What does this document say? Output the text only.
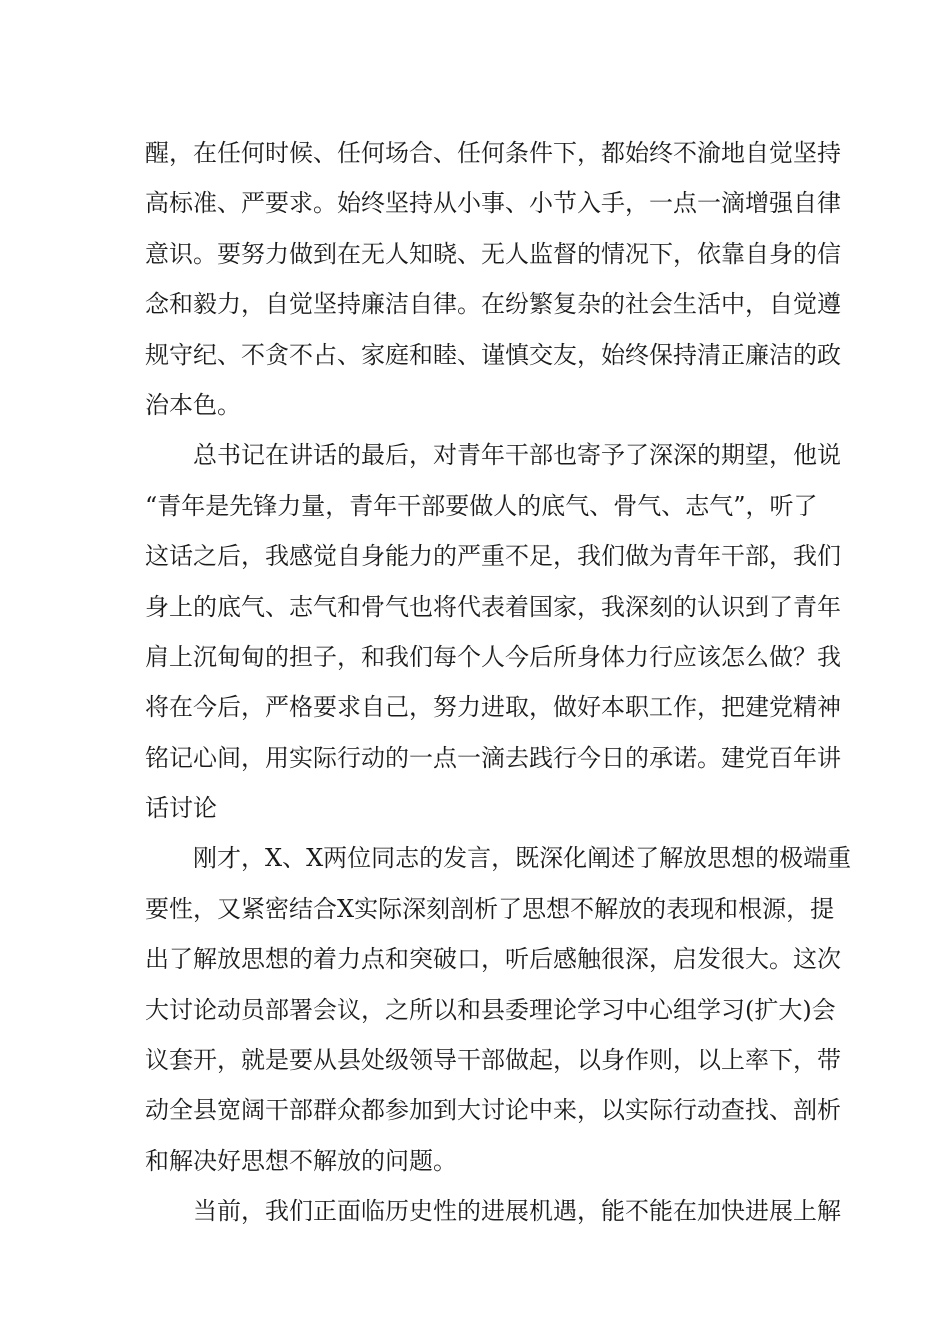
醒，在任何时候、任何场合、任何条件下，都始终不渝地自觉坚持
高标准、严要求。始终坚持从小事、小节入手，一点一滴增强自律
意识。要努力做到在无人知晓、无人监督的情况下，依靠自身的信
念和毅力，自觉坚持廉洁自律。在纷繁复杂的社会生活中，自觉遵
规守纪、不贪不占、家庭和睦、谨慎交友，始终保持清正廉洁的政
治本色。
总书记在讲话的最后，对青年干部也寄予了深深的期望，他说
“青年是先锋力量，青年干部要做人的底气、骨气、志气”，听了
这话之后，我感觉自身能力的严重不足，我们做为青年干部，我们
身上的底气、志气和骨气也将代表着国家，我深刻的认识到了青年
肩上沉甸甸的担子，和我们每个人今后所身体力行应该怎么做？我
将在今后，严格要求自己，努力进取，做好本职工作，把建党精神
铭记心间，用实际行动的一点一滴去践行今日的承诺。建党百年讲
话讨论
刚才，X、X两位同志的发言，既深化阐述了解放思想的极端重
要性，又紧密结合X实际深刻剖析了思想不解放的表现和根源，提
出了解放思想的着力点和突破口，听后感触很深，启发很大。这次
大讨论动员部署会议，之所以和县委理论学习中心组学习(扩大)会
议套开，就是要从县处级领导干部做起，以身作则，以上率下，带
动全县宽阔干部群众都参加到大讨论中来，以实际行动查找、剖析
和解决好思想不解放的问题。
当前，我们正面临历史性的进展机遇，能不能在加快进展上解
